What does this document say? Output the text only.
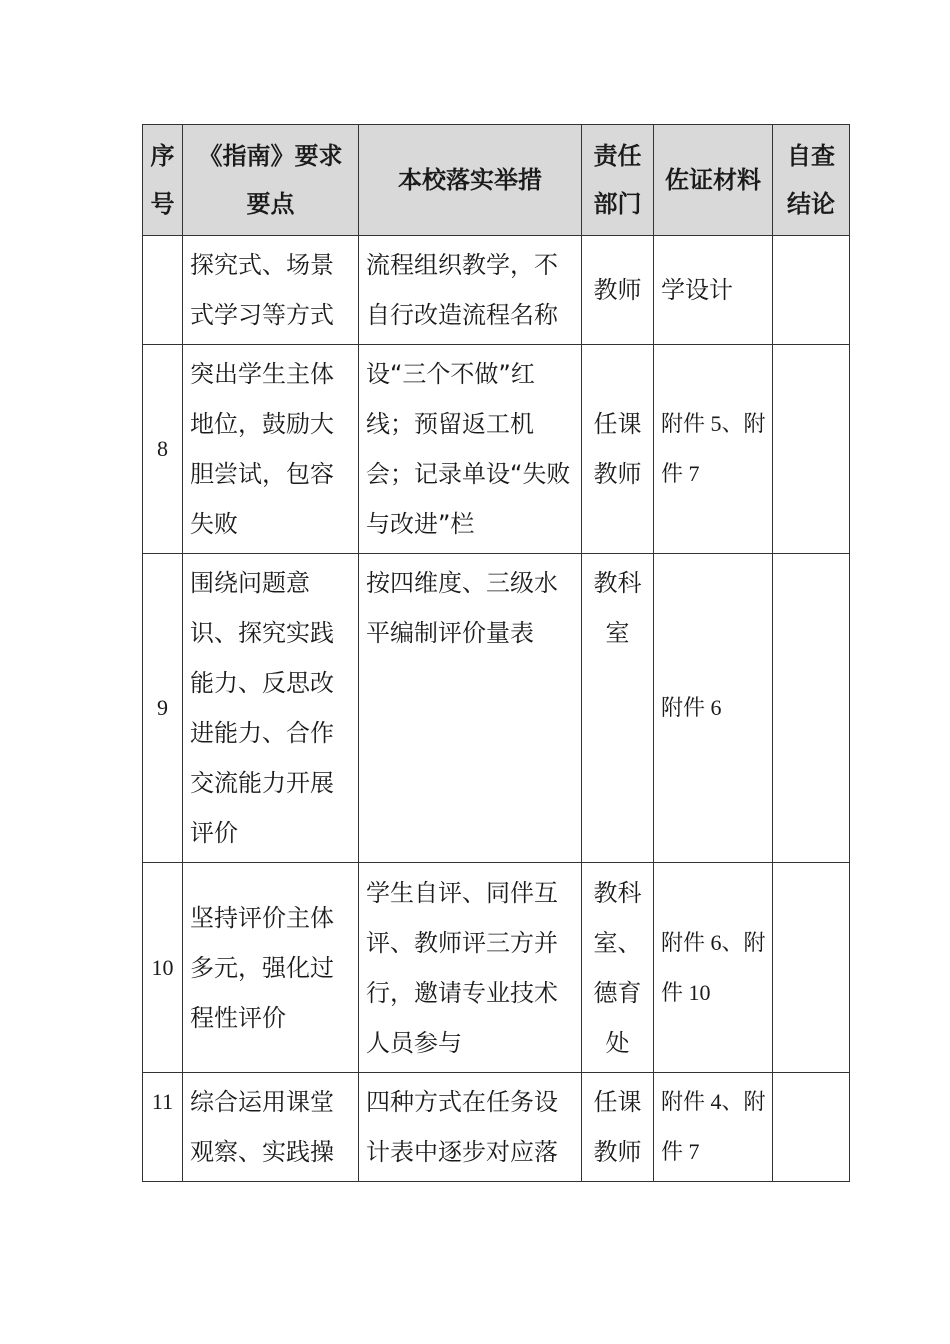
序号	《指南》要求要点	本校落实举措	责任部门	佐证材料	自查结论
	探究式、场景式学习等方式	流程组织教学，不自行改造流程名称	教师	学设计	
8	突出学生主体地位，鼓励大胆尝试，包容失败	设“三个不做”红线；预留返工机会；记录单设“失败与改进”栏	任课教师	附件 5、附件 7	
9	围绕问题意识、探究实践能力、反思改进能力、合作交流能力开展评价	按四维度、三级水平编制评价量表	教科室	附件 6	
10	坚持评价主体多元，强化过程性评价	学生自评、同伴互评、教师评三方并行，邀请专业技术人员参与	教科室、德育处	附件 6、附件 10	
11	综合运用课堂观察、实践操	四种方式在任务设计表中逐步对应落	任课教师	附件 4、附件 7	
